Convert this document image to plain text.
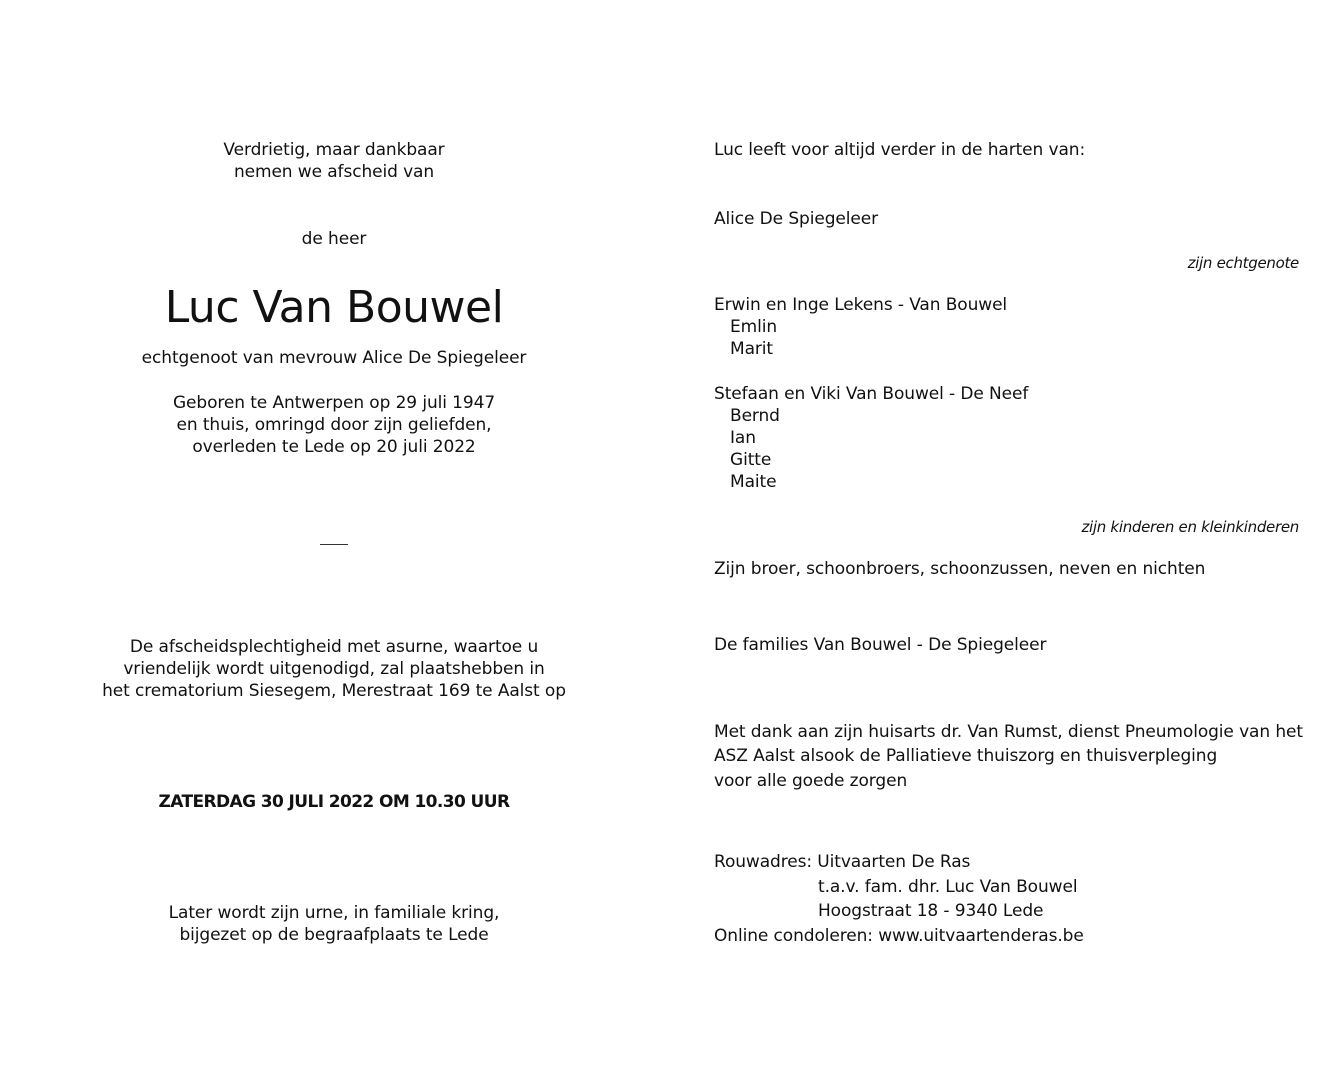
Verdrietig, maar dankbaar
nemen we afscheid van
de heer
Luc Van Bouwel
echtgenoot van mevrouw Alice De Spiegeleer
Geboren te Antwerpen op 29 juli 1947
en thuis, omringd door zijn geliefden,
overleden te Lede op 20 juli 2022
De afscheidsplechtigheid met asurne, waartoe u
vriendelijk wordt uitgenodigd, zal plaatshebben in
het crematorium Siesegem, Merestraat 169 te Aalst op
ZATERDAG 30 JULI 2022 OM 10.30 UUR
Later wordt zijn urne, in familiale kring,
bijgezet op de begraafplaats te Lede
Luc leeft voor altijd verder in de harten van:
Alice De Spiegeleer
zijn echtgenote
Erwin en Inge Lekens - Van Bouwel
Emlin
Marit
Stefaan en Viki Van Bouwel - De Neef
Bernd
Ian
Gitte
Maite
zijn kinderen en kleinkinderen
Zijn broer, schoonbroers, schoonzussen, neven en nichten
De families Van Bouwel - De Spiegeleer
Met dank aan zijn huisarts dr. Van Rumst, dienst Pneumologie van het
ASZ Aalst alsook de Palliatieve thuiszorg en thuisverpleging
voor alle goede zorgen
Rouwadres: Uitvaarten De Ras
t.a.v. fam. dhr. Luc Van Bouwel
Hoogstraat 18 - 9340 Lede
Online condoleren: www.uitvaartenderas.be
